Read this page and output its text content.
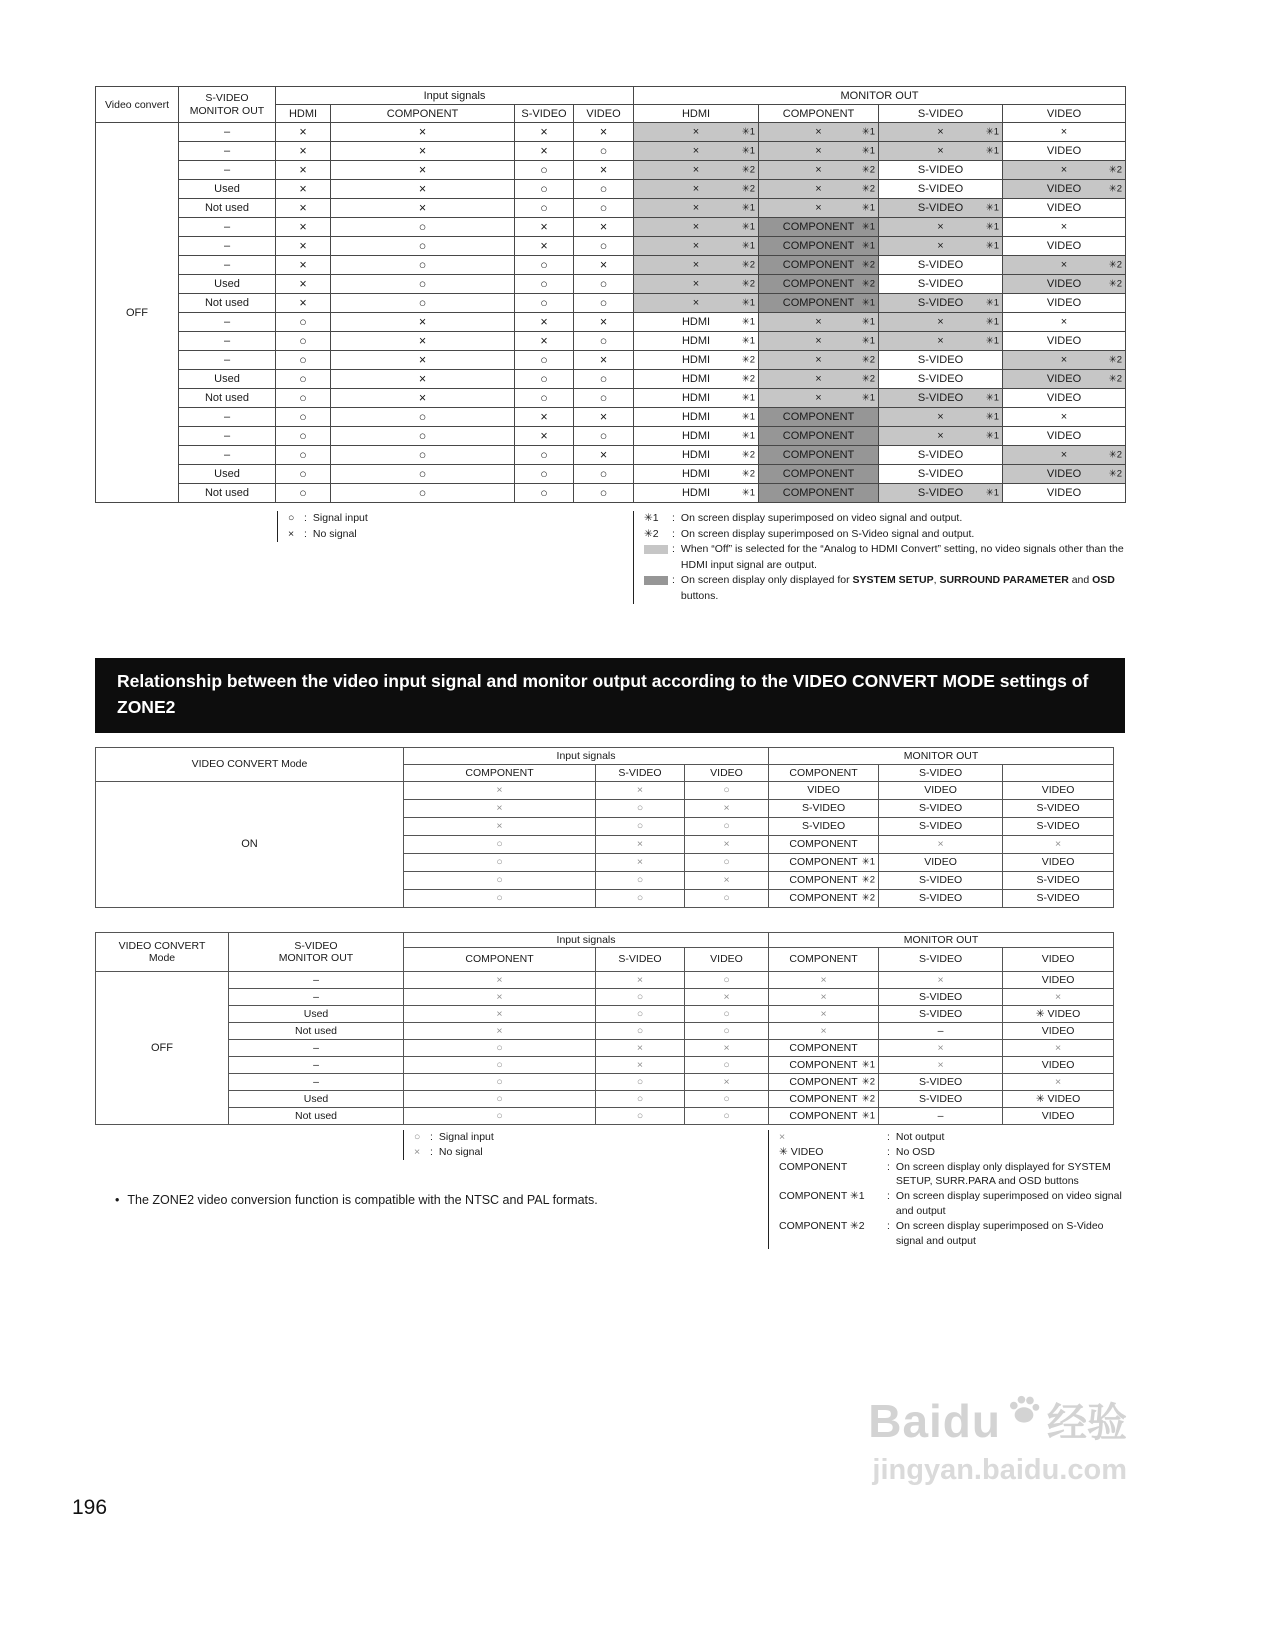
Video convert	S-VIDEO
MONITOR OUT	Input signals				MONITOR OUT			
		HDMI	COMPONENT	S-VIDEO	VIDEO	HDMI	COMPONENT	S-VIDEO	VIDEO
OFF	–	×	×	×	×	× ✳1	× ✳1	× ✳1	×

	–	×	×	×	○	× ✳1	× ✳1	× ✳1	VIDEO

	–	×	×	○	×	× ✳2	× ✳2	S-VIDEO	× ✳2

	Used	×	×	○	○	× ✳2	× ✳2	S-VIDEO	VIDEO ✳2

	Not used	×	×	○	○	× ✳1	× ✳1	S-VIDEO ✳1	VIDEO

	–	×	○	×	×	× ✳1	COMPONENT ✳1	× ✳1	×

	–	×	○	×	○	× ✳1	COMPONENT ✳1	× ✳1	VIDEO

	–	×	○	○	×	× ✳2	COMPONENT ✳2	S-VIDEO	× ✳2

	Used	×	○	○	○	× ✳2	COMPONENT ✳2	S-VIDEO	VIDEO ✳2

	Not used	×	○	○	○	× ✳1	COMPONENT ✳1	S-VIDEO ✳1	VIDEO

	–	○	×	×	×	HDMI ✳1	× ✳1	× ✳1	×

	–	○	×	×	○	HDMI ✳1	× ✳1	× ✳1	VIDEO

	–	○	×	○	×	HDMI ✳2	× ✳2	S-VIDEO	× ✳2

	Used	○	×	○	○	HDMI ✳2	× ✳2	S-VIDEO	VIDEO ✳2

	Not used	○	×	○	○	HDMI ✳1	× ✳1	S-VIDEO ✳1	VIDEO

	–	○	○	×	×	HDMI ✳1	COMPONENT	× ✳1	×

	–	○	○	×	○	HDMI ✳1	COMPONENT	× ✳1	VIDEO

	–	○	○	○	×	HDMI ✳2	COMPONENT	S-VIDEO	× ✳2

	Used	○	○	○	○	HDMI ✳2	COMPONENT	S-VIDEO	VIDEO ✳2

	Not used	○	○	○	○	HDMI ✳1	COMPONENT	S-VIDEO ✳1	VIDEO
○ : Signal input
× : No signal
✳1	: On screen display superimposed on video signal and output.
✳2	: On screen display superimposed on S-Video signal and output.
: When “Off” is selected for the “Analog to HDMI Convert” setting, no video signals other than the HDMI input signal are output.
: On screen display only displayed for SYSTEM SETUP, SURROUND PARAMETER and OSD buttons.
Relationship between the video input signal and monitor output according to the VIDEO CONVERT MODE settings of ZONE2
VIDEO CONVERT Mode	Input signals			MONITOR OUT		
	COMPONENT	S-VIDEO	VIDEO	COMPONENT	S-VIDEO	
ON	×	×	○	VIDEO	VIDEO	VIDEO

	×	○	×	S-VIDEO	S-VIDEO	S-VIDEO

	×	○	○	S-VIDEO	S-VIDEO	S-VIDEO

	○	×	×	COMPONENT	×	×

	○	×	○	COMPONENT ✳1	VIDEO	VIDEO

	○	○	×	COMPONENT ✳2	S-VIDEO	S-VIDEO

	○	○	○	COMPONENT ✳2	S-VIDEO	S-VIDEO
VIDEO CONVERT
Mode	S-VIDEO
MONITOR OUT	Input signals			MONITOR OUT		
		COMPONENT	S-VIDEO	VIDEO	COMPONENT	S-VIDEO	VIDEO
OFF	–	×	×	○	×	×	VIDEO

	–	×	○	×	×	S-VIDEO	×

	Used	×	○	○	×	S-VIDEO	✳ VIDEO

	Not used	×	○	○	×	–	VIDEO

	–	○	×	×	COMPONENT	×	×

	–	○	×	○	COMPONENT ✳1	×	VIDEO

	–	○	○	×	COMPONENT ✳2	S-VIDEO	×

	Used	○	○	○	COMPONENT ✳2	S-VIDEO	✳ VIDEO

	Not used	○	○	○	COMPONENT ✳1	–	VIDEO
○ : Signal input
× : No signal

• The ZONE2 video conversion function is compatible with the NTSC and PAL formats.

×	: Not output
✳ VIDEO	: No OSD
COMPONENT	: On screen display only displayed for SYSTEM SETUP, SURR.PARA and OSD buttons
COMPONENT ✳1	: On screen display superimposed on video signal and output
COMPONENT ✳2	: On screen display superimposed on S-Video signal and output
Baidu 经验
jingyan.baidu.com
196
